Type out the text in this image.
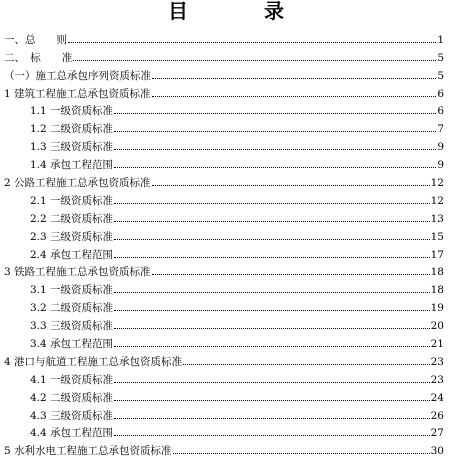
目　录
一、总　　则	1
二、　标　　准	5
（一）施工总承包序列资质标准	5
1 建筑工程施工总承包资质标准	6
1.1 一级资质标准	6
1.2 二级资质标准	7
1.3 三级资质标准	9
1.4 承包工程范围	9
2 公路工程施工总承包资质标准	12
2.1 一级资质标准	12
2.2 二级资质标准	13
2.3 三级资质标准	15
2.4 承包工程范围	17
3 铁路工程施工总承包资质标准	18
3.1 一级资质标准	18
3.2 二级资质标准	19
3.3 三级资质标准	20
3.4 承包工程范围	21
4 港口与航道工程施工总承包资质标准	23
4.1 一级资质标准	23
4.2 二级资质标准	24
4.3 三级资质标准	26
4.4 承包工程范围	27
5 水利水电工程施工总承包资质标准	30
